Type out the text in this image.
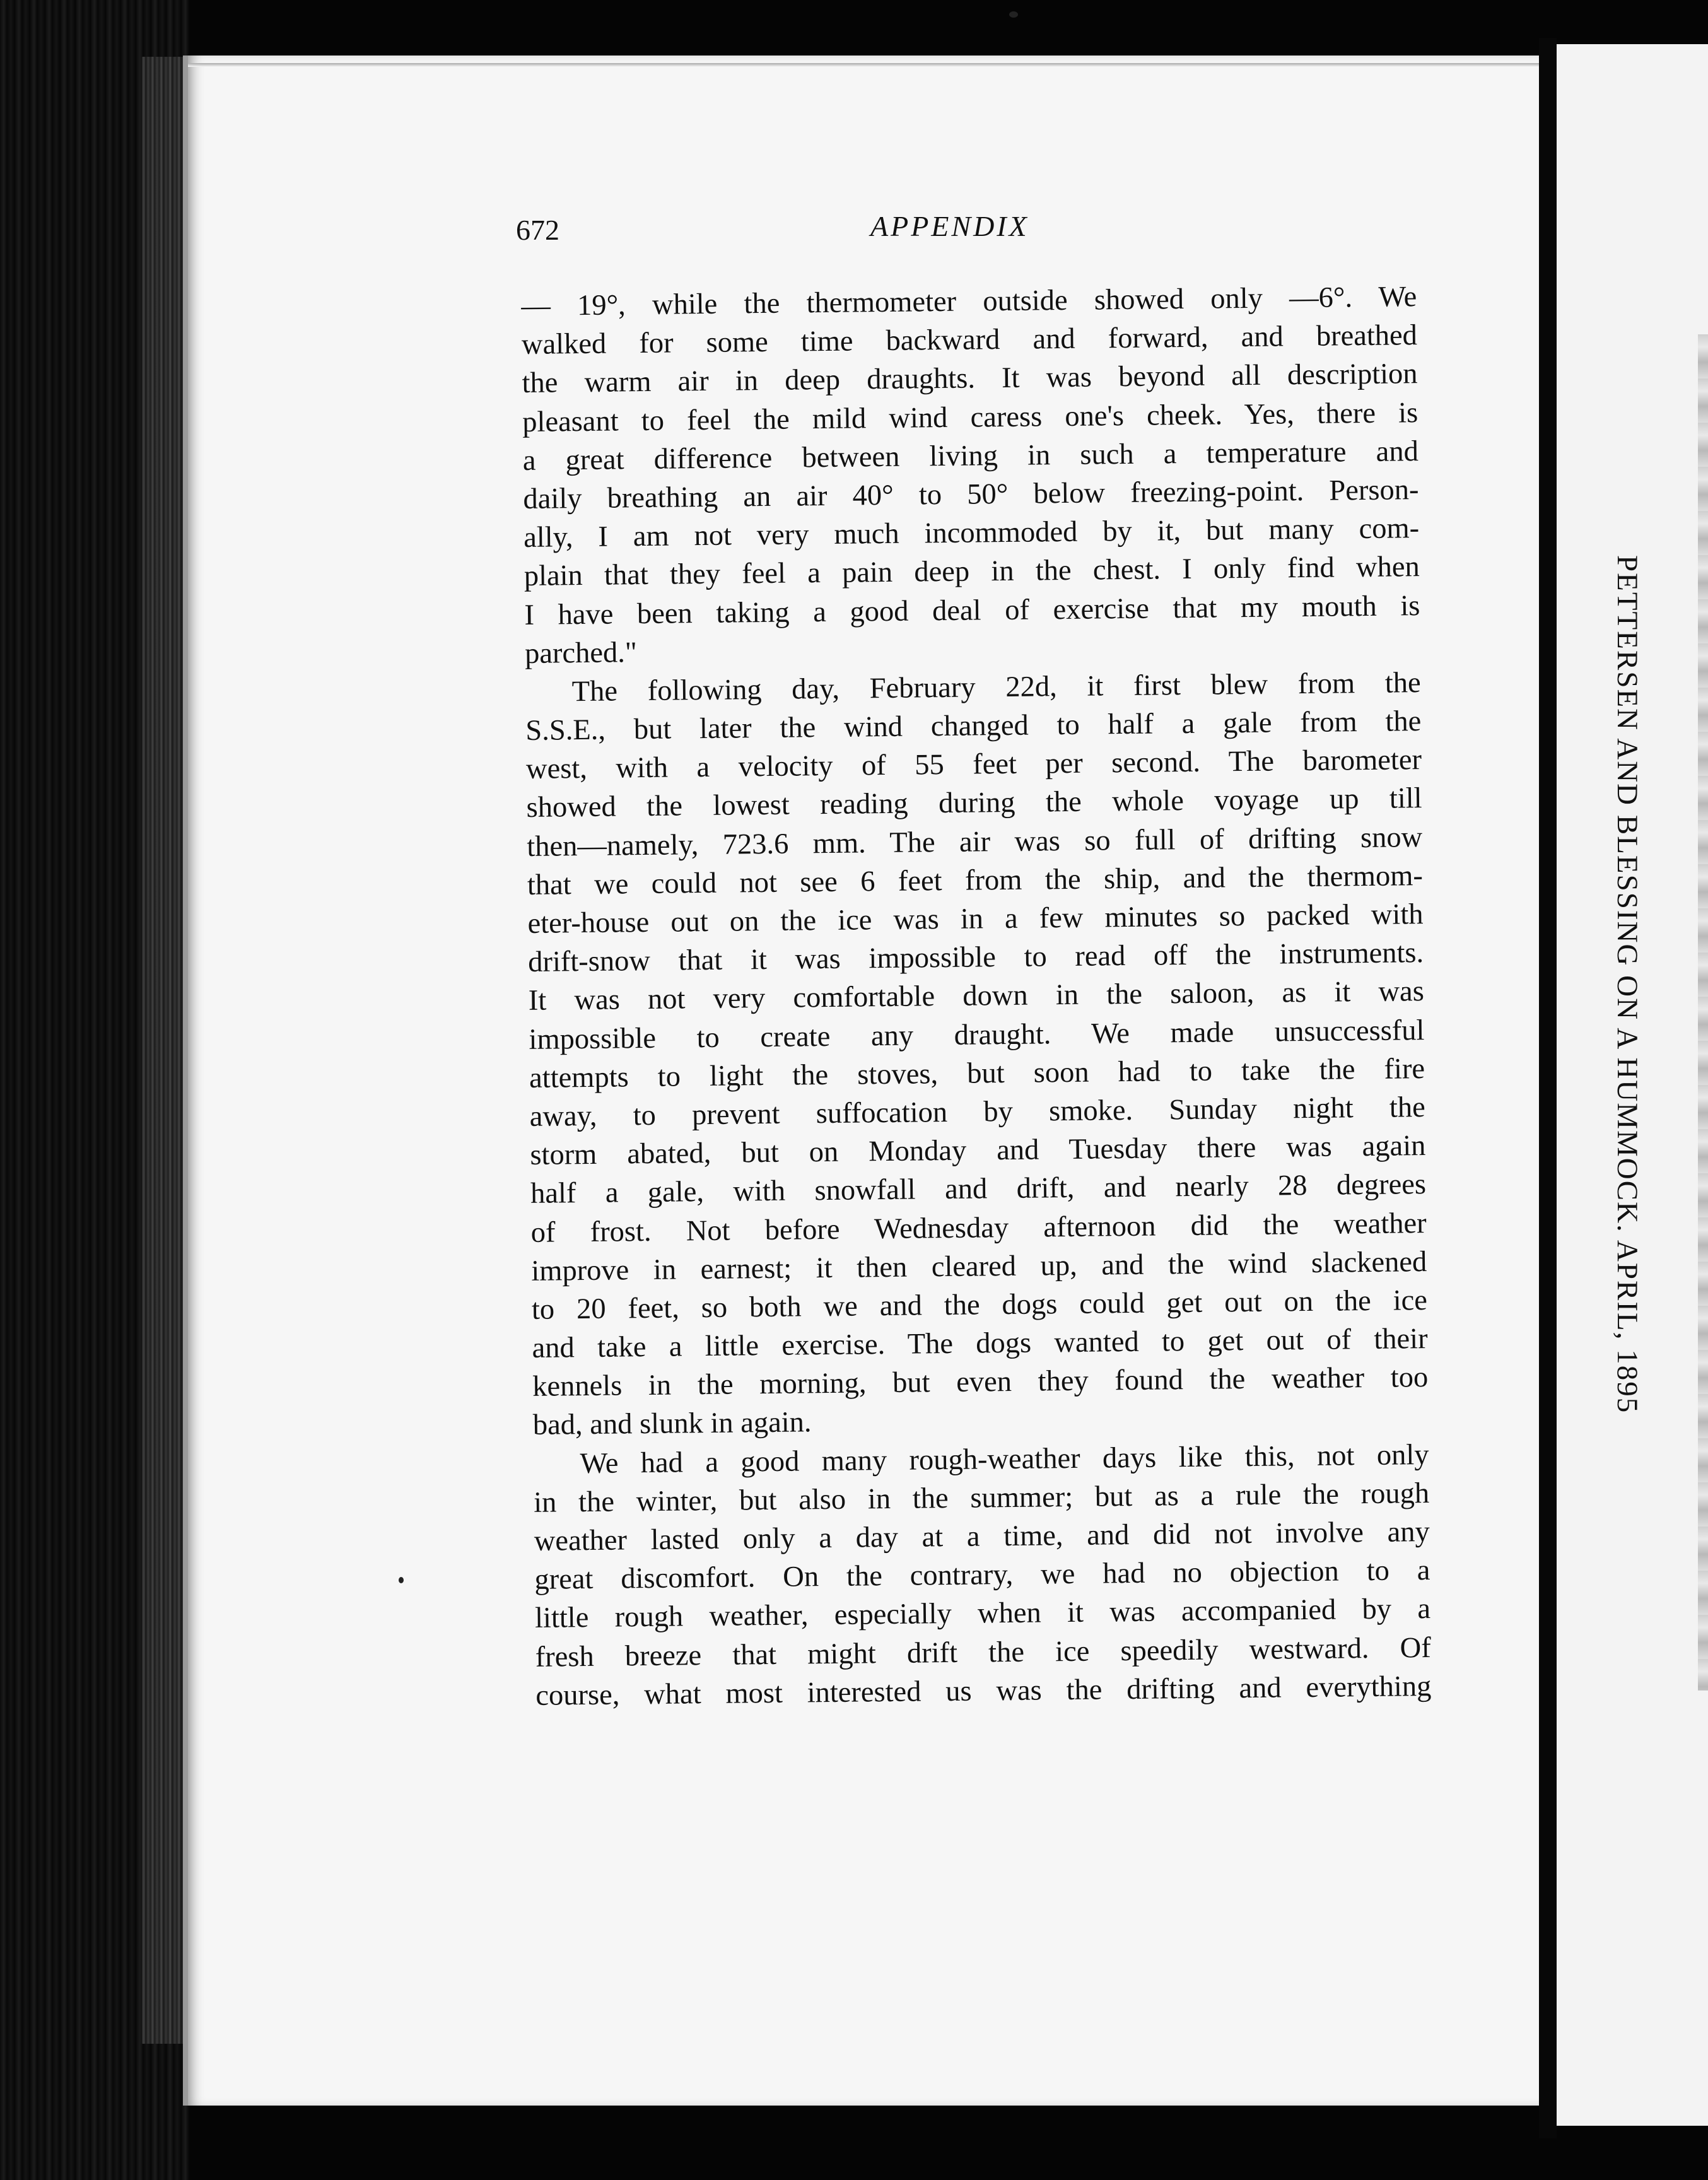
PETTERSEN AND BLESSING ON A HUMMOCK. APRIL, 1895
672	APPENDIX
— 19°, while the thermometer outside showed only —6°. We
walked for some time backward and forward, and breathed
the warm air in deep draughts. It was beyond all description
pleasant to feel the mild wind caress one's cheek. Yes, there is
a great difference between living in such a temperature and
daily breathing an air 40° to 50° below freezing-point. Person-
ally, I am not very much incommoded by it, but many com-
plain that they feel a pain deep in the chest. I only find when
I have been taking a good deal of exercise that my mouth is
parched."
The following day, February 22d, it first blew from the
S.S.E., but later the wind changed to half a gale from the
west, with a velocity of 55 feet per second. The barometer
showed the lowest reading during the whole voyage up till
then—namely, 723.6 mm. The air was so full of drifting snow
that we could not see 6 feet from the ship, and the thermom-
eter-house out on the ice was in a few minutes so packed with
drift-snow that it was impossible to read off the instruments.
It was not very comfortable down in the saloon, as it was
impossible to create any draught. We made unsuccessful
attempts to light the stoves, but soon had to take the fire
away, to prevent suffocation by smoke. Sunday night the
storm abated, but on Monday and Tuesday there was again
half a gale, with snowfall and drift, and nearly 28 degrees
of frost. Not before Wednesday afternoon did the weather
improve in earnest; it then cleared up, and the wind slackened
to 20 feet, so both we and the dogs could get out on the ice
and take a little exercise. The dogs wanted to get out of their
kennels in the morning, but even they found the weather too
bad, and slunk in again.
We had a good many rough-weather days like this, not only
in the winter, but also in the summer; but as a rule the rough
weather lasted only a day at a time, and did not involve any
great discomfort. On the contrary, we had no objection to a
little rough weather, especially when it was accompanied by a
fresh breeze that might drift the ice speedily westward. Of
course, what most interested us was the drifting and everything
